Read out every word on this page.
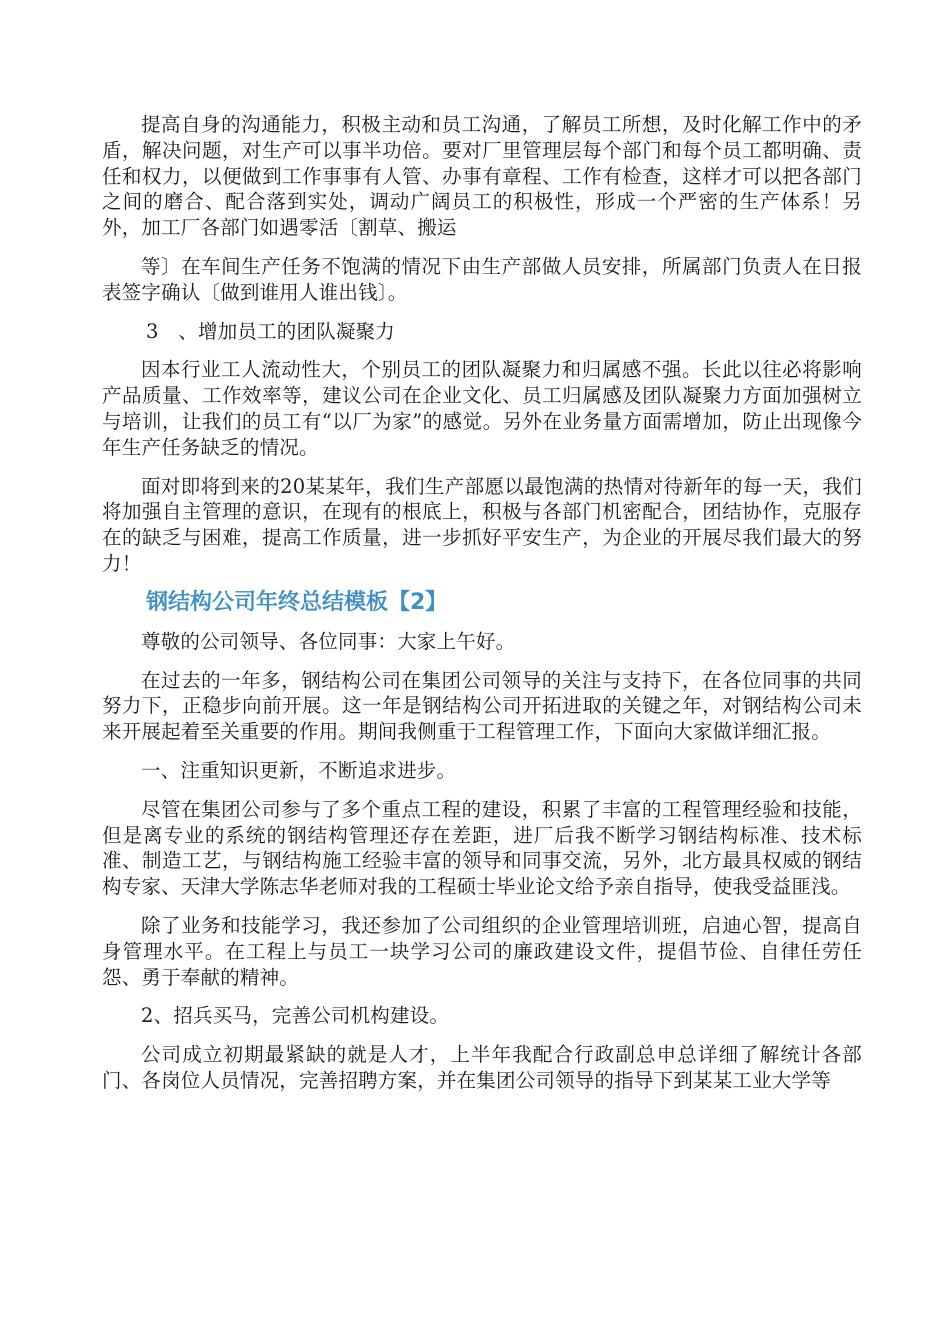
提高自身的沟通能力，积极主动和员工沟通，了解员工所想，及时化解工作中的矛盾，解决问题，对生产可以事半功倍。要对厂里管理层每个部门和每个员工都明确、责任和权力，以便做到工作事事有人管、办事有章程、工作有检查，这样才可以把各部门之间的磨合、配合落到实处，调动广阔员工的积极性，形成一个严密的生产体系！另外，加工厂各部门如遇零活〔割草、搬运

等〕在车间生产任务不饱满的情况下由生产部做人员安排，所属部门负责人在日报表签字确认〔做到谁用人谁出钱〕。

3　、增加员工的团队凝聚力

因本行业工人流动性大，个别员工的团队凝聚力和归属感不强。长此以往必将影响产品质量、工作效率等，建议公司在企业文化、员工归属感及团队凝聚力方面加强树立与培训，让我们的员工有“以厂为家”的感觉。另外在业务量方面需增加，防止出现像今年生产任务缺乏的情况。

面对即将到来的20某某年，我们生产部愿以最饱满的热情对待新年的每一天，我们将加强自主管理的意识，在现有的根底上，积极与各部门机密配合，团结协作，克服存在的缺乏与困难，提高工作质量，进一步抓好平安生产，为企业的开展尽我们最大的努力！

钢结构公司年终总结模板【2】

尊敬的公司领导、各位同事：大家上午好。

在过去的一年多，钢结构公司在集团公司领导的关注与支持下，在各位同事的共同努力下，正稳步向前开展。这一年是钢结构公司开拓进取的关键之年，对钢结构公司未来开展起着至关重要的作用。期间我侧重于工程管理工作，下面向大家做详细汇报。

一、注重知识更新，不断追求进步。

尽管在集团公司参与了多个重点工程的建设，积累了丰富的工程管理经验和技能，但是离专业的系统的钢结构管理还存在差距，进厂后我不断学习钢结构标准、技术标准、制造工艺，与钢结构施工经验丰富的领导和同事交流，另外，北方最具权威的钢结构专家、天津大学陈志华老师对我的工程硕士毕业论文给予亲自指导，使我受益匪浅。

除了业务和技能学习，我还参加了公司组织的企业管理培训班，启迪心智，提高自身管理水平。在工程上与员工一块学习公司的廉政建设文件，提倡节俭、自律任劳任怨、勇于奉献的精神。

2、招兵买马，完善公司机构建设。

公司成立初期最紧缺的就是人才，上半年我配合行政副总申总详细了解统计各部门、各岗位人员情况，完善招聘方案，并在集团公司领导的指导下到某某工业大学等
